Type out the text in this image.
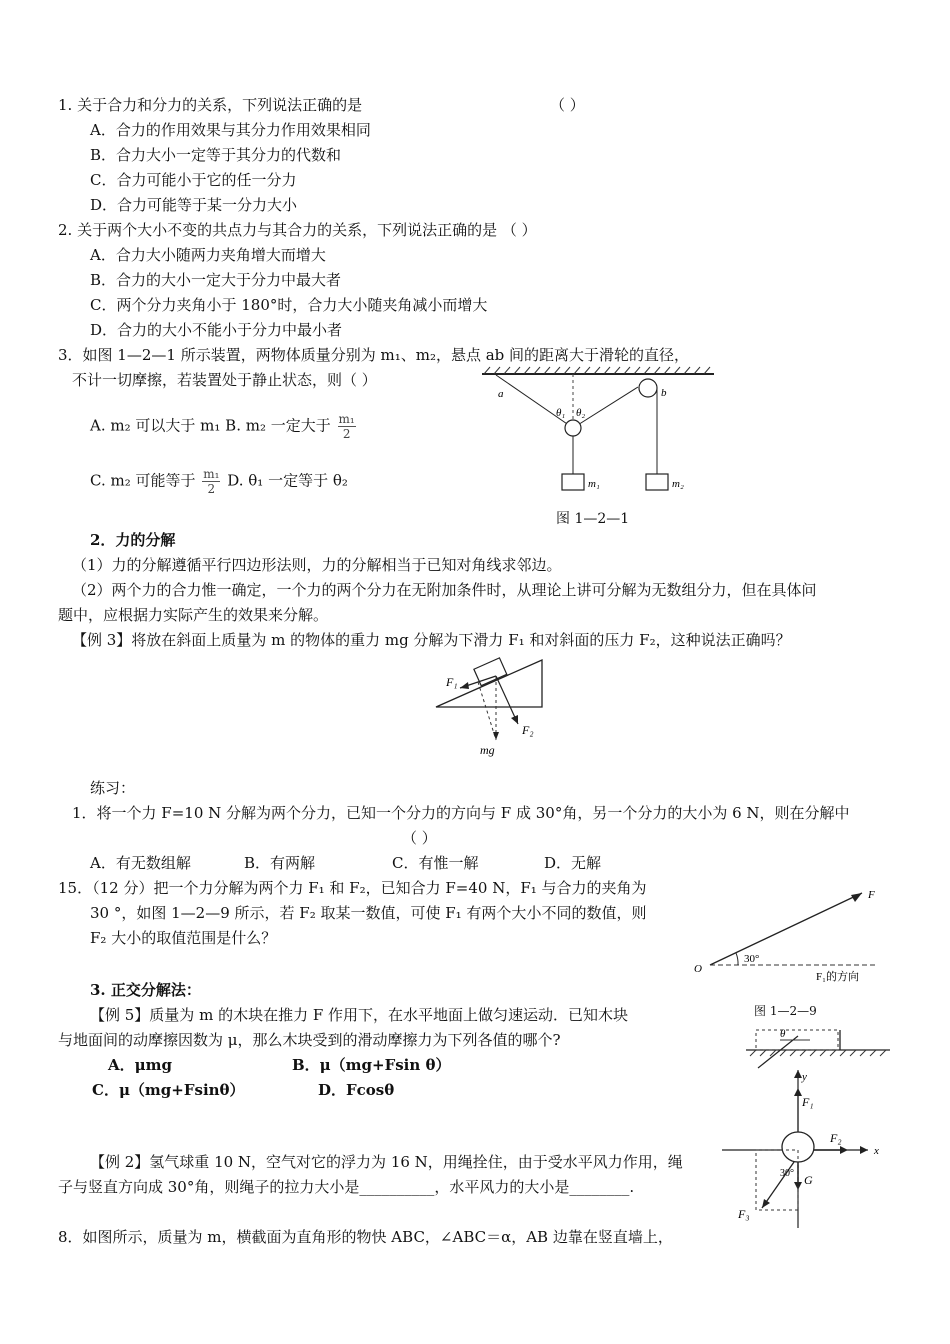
1. 关于合力和分力的关系，下列说法正确的是	（ ）
A．合力的作用效果与其分力作用效果相同
B．合力大小一定等于其分力的代数和
C．合力可能小于它的任一分力
D．合力可能等于某一分力大小
2. 关于两个大小不变的共点力与其合力的关系，下列说法正确的是 （ ）
A．合力大小随两力夹角增大而增大
B．合力的大小一定大于分力中最大者
C．两个分力夹角小于 180°时，合力大小随夹角减小而增大
D．合力的大小不能小于分力中最小者
3．如图 1—2—1 所示装置，两物体质量分别为 m₁、m₂，悬点 ab 间的距离大于滑轮的直径，
不计一切摩擦，若装置处于静止状态，则（ ）
A. m₂ 可以大于 m₁ B. m₂ 一定大于 $\frac{\text{m₁}}{2}$
C. m₂ 可能等于 $\frac{\text{m₁}}{2} D$. θ₁ 一定等于 θ₂
a	b
θ₁ θ₂
m₁	m₂
图 1—2—1
2．力的分解
（1）力的分解遵循平行四边形法则，力的分解相当于已知对角线求邻边。
（2）两个力的合力惟一确定，一个力的两个分力在无附加条件时，从理论上讲可分解为无数组分力，但在具体问
题中，应根据力实际产生的效果来分解。
【例 3】将放在斜面上质量为 m 的物体的重力 mg 分解为下滑力 F₁ 和对斜面的压力 F₂，这种说法正确吗？
F₁
F₂
mg
练习：
1．将一个力 F=10 N 分解为两个分力，已知一个分力的方向与 F 成 30°角，另一个分力的大小为 6 N，则在分解中
（ ）
A．有无数组解	B．有两解	C．有惟一解	D．无解
15．（12 分）把一个力分解为两个力 F₁ 和 F₂，已知合力 F=40 N，F₁ 与合力的夹角为
30 °，如图 1—2—9 所示，若 F₂ 取某一数值，可使 F₁ 有两个大小不同的数值，则
F₂ 大小的取值范围是什么？
F
O
30°
F₁的方向
图 1—2—9
3. 正交分解法：
【例 5】质量为 m 的木块在推力 F 作用下，在水平地面上做匀速运动．已知木块
与地面间的动摩擦因数为 μ，那么木块受到的滑动摩擦力为下列各值的哪个?
A．μmg	B．μ（mg+Fsin θ）
C．μ（mg+Fsinθ）	D．Fcosθ
θ
y
x
F₁
F₂
G
F₃
30°
【例 2】氢气球重 10 N，空气对它的浮力为 16 N，用绳拴住，由于受水平风力作用，绳
子与竖直方向成 30°角，则绳子的拉力大小是__________，水平风力的大小是________.
8．如图所示，质量为 m，横截面为直角形的物快 ABC，∠ABC＝α，AB 边靠在竖直墙上，
